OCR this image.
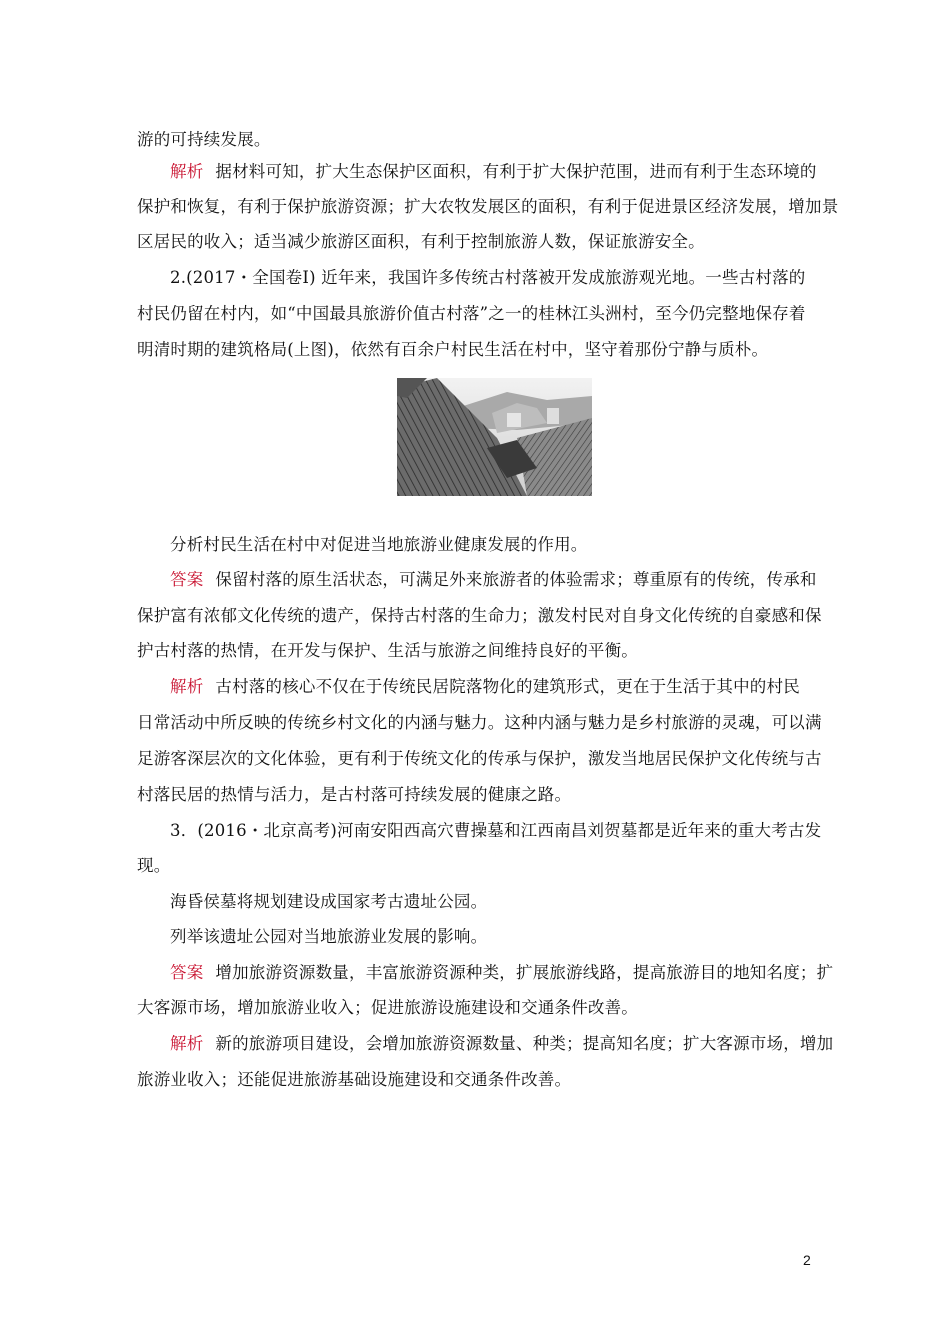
游的可持续发展。
解析 据材料可知，扩大生态保护区面积，有利于扩大保护范围，进而有利于生态环境的
保护和恢复，有利于保护旅游资源；扩大农牧发展区的面积，有利于促进景区经济发展，增加景
区居民的收入；适当减少旅游区面积，有利于控制旅游人数，保证旅游安全。
2.(2017・全国卷Ⅰ) 近年来，我国许多传统古村落被开发成旅游观光地。一些古村落的
村民仍留在村内，如“中国最具旅游价值古村落”之一的桂林江头洲村，至今仍完整地保存着
明清时期的建筑格局(上图)，依然有百余户村民生活在村中，坚守着那份宁静与质朴。
分析村民生活在村中对促进当地旅游业健康发展的作用。
答案 保留村落的原生活状态，可满足外来旅游者的体验需求；尊重原有的传统，传承和
保护富有浓郁文化传统的遗产，保持古村落的生命力；激发村民对自身文化传统的自豪感和保
护古村落的热情，在开发与保护、生活与旅游之间维持良好的平衡。
解析 古村落的核心不仅在于传统民居院落物化的建筑形式，更在于生活于其中的村民
日常活动中所反映的传统乡村文化的内涵与魅力。这种内涵与魅力是乡村旅游的灵魂，可以满
足游客深层次的文化体验，更有利于传统文化的传承与保护，激发当地居民保护文化传统与古
村落民居的热情与活力，是古村落可持续发展的健康之路。
3．(2016・北京高考)河南安阳西高穴曹操墓和江西南昌刘贺墓都是近年来的重大考古发
现。
海昏侯墓将规划建设成国家考古遗址公园。
列举该遗址公园对当地旅游业发展的影响。
答案 增加旅游资源数量，丰富旅游资源种类，扩展旅游线路，提高旅游目的地知名度；扩
大客源市场，增加旅游业收入；促进旅游设施建设和交通条件改善。
解析 新的旅游项目建设，会增加旅游资源数量、种类；提高知名度；扩大客源市场，增加
旅游业收入；还能促进旅游基础设施建设和交通条件改善。
2
